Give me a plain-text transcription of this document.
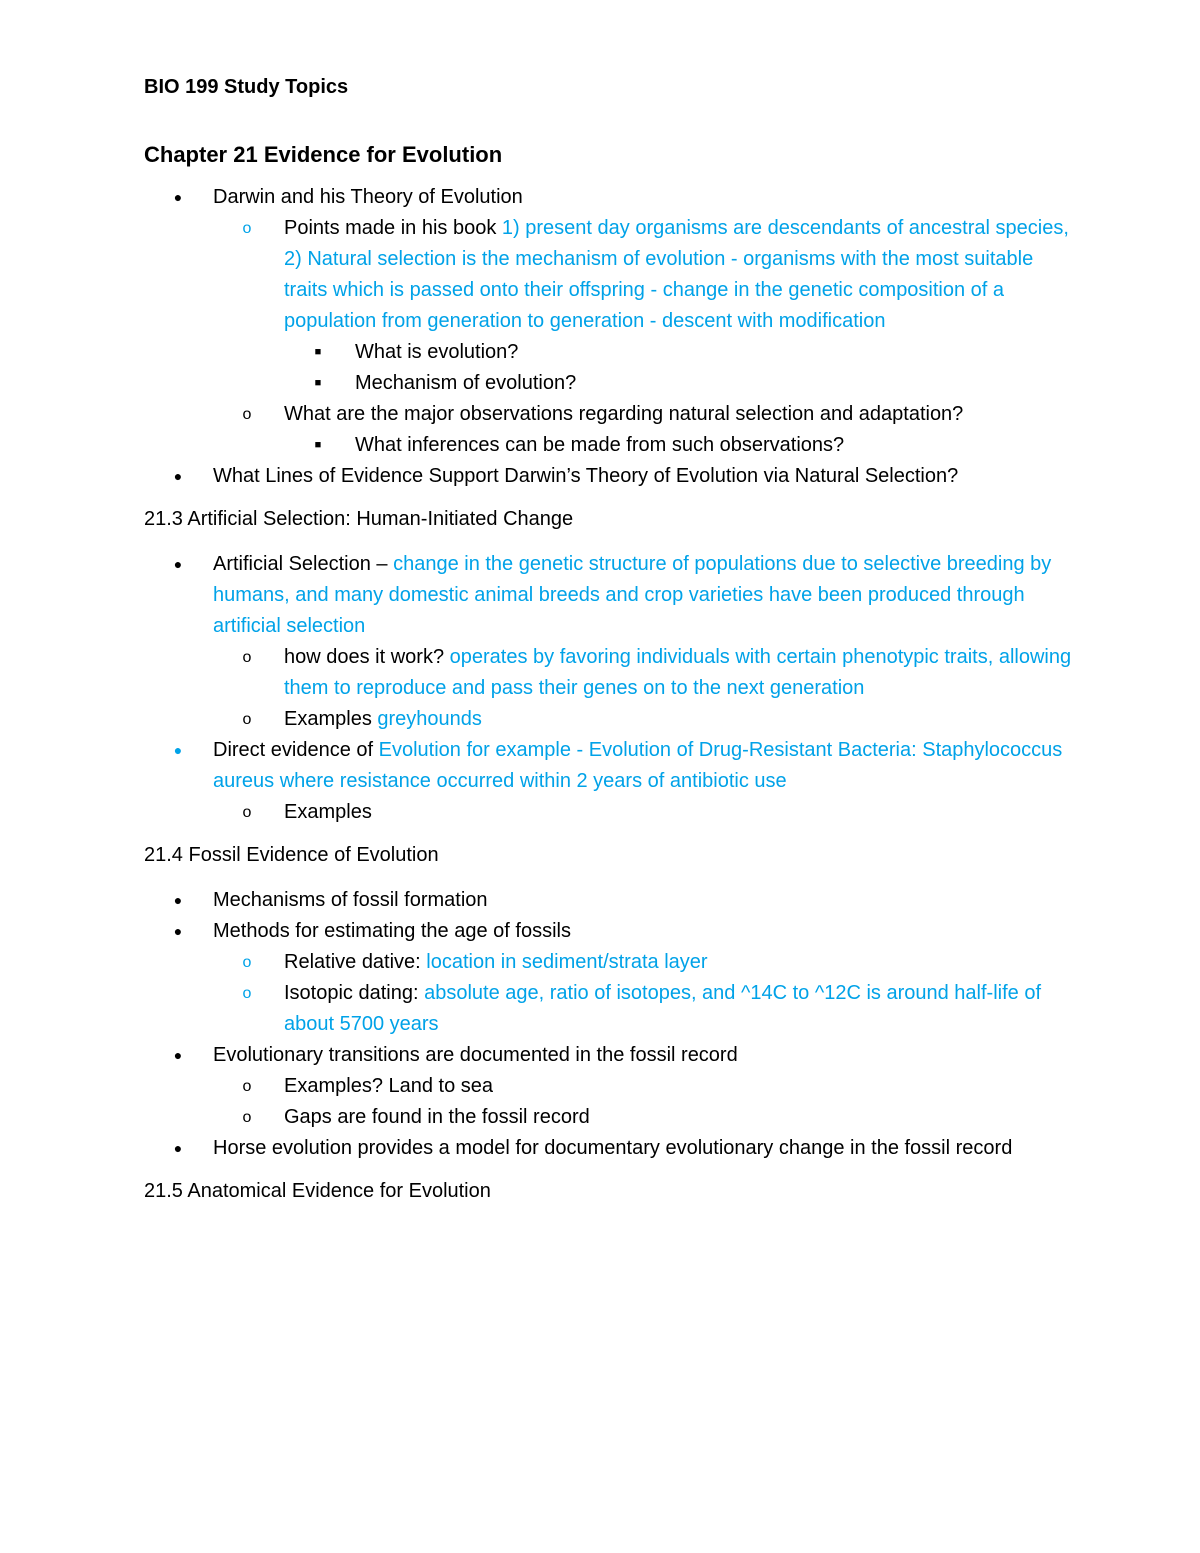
BIO 199 Study Topics
Chapter 21 Evidence for Evolution
● Darwin and his Theory of Evolution
o Points made in his book 1) present day organisms are descendants of ancestral species, 2) Natural selection is the mechanism of evolution - organisms with the most suitable traits which is passed onto their offspring - change in the genetic composition of a population from generation to generation - descent with modification
■	What is evolution?
■	Mechanism of evolution?
o What are the major observations regarding natural selection and adaptation?
■	What inferences can be made from such observations?
● What Lines of Evidence Support Darwin’s Theory of Evolution via Natural Selection?
21.3 Artificial Selection: Human-Initiated Change
● Artificial Selection – change in the genetic structure of populations due to selective breeding by humans, and many domestic animal breeds and crop varieties have been produced through artificial selection
o how does it work? operates by favoring individuals with certain phenotypic traits, allowing them to reproduce and pass their genes on to the next generation
o Examples greyhounds
● Direct evidence of Evolution for example - Evolution of Drug-Resistant Bacteria: Staphylococcus aureus where resistance occurred within 2 years of antibiotic use
o Examples
21.4 Fossil Evidence of Evolution
● Mechanisms of fossil formation
● Methods for estimating the age of fossils
o Relative dative: location in sediment/strata layer
o Isotopic dating: absolute age, ratio of isotopes, and ^14C to ^12C is around half-life of about 5700 years
● Evolutionary transitions are documented in the fossil record
o Examples? Land to sea
o Gaps are found in the fossil record
● Horse evolution provides a model for documentary evolutionary change in the fossil record
21.5 Anatomical Evidence for Evolution
